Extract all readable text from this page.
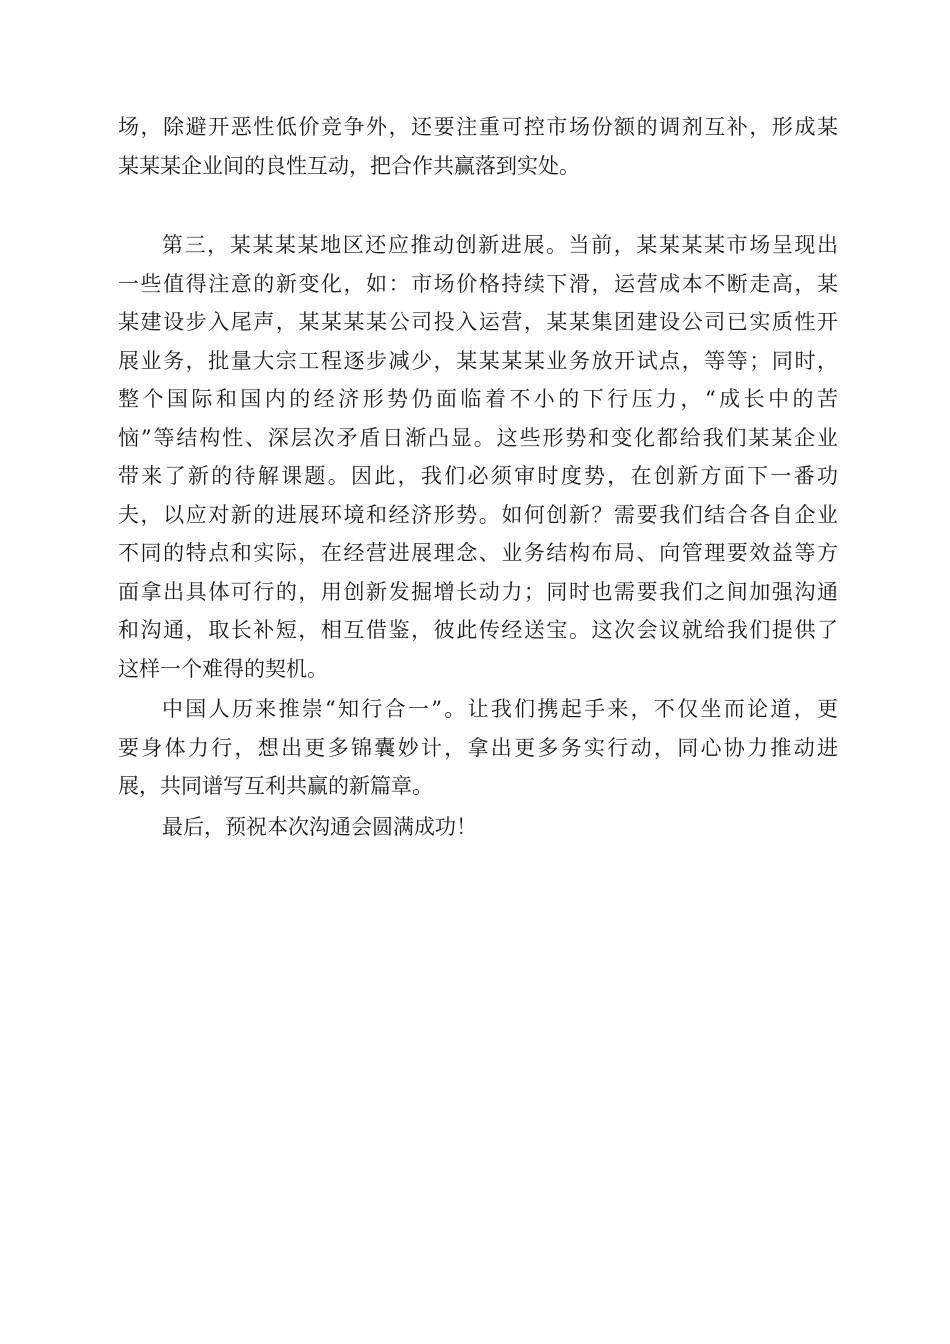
场，除避开恶性低价竞争外，还要注重可控市场份额的调剂互补，形成某
某某某企业间的良性互动，把合作共赢落到实处。
第三，某某某某地区还应推动创新进展。当前，某某某某市场呈现出
一些值得注意的新变化，如：市场价格持续下滑，运营成本不断走高，某
某建设步入尾声，某某某某公司投入运营，某某集团建设公司已实质性开
展业务，批量大宗工程逐步减少，某某某某业务放开试点，等等；同时，
整个国际和国内的经济形势仍面临着不小的下行压力，“成长中的苦
恼”等结构性、深层次矛盾日渐凸显。这些形势和变化都给我们某某企业
带来了新的待解课题。因此，我们必须审时度势，在创新方面下一番功
夫，以应对新的进展环境和经济形势。如何创新？需要我们结合各自企业
不同的特点和实际，在经营进展理念、业务结构布局、向管理要效益等方
面拿出具体可行的，用创新发掘增长动力；同时也需要我们之间加强沟通
和沟通，取长补短，相互借鉴，彼此传经送宝。这次会议就给我们提供了
这样一个难得的契机。
中国人历来推崇“知行合一”。让我们携起手来，不仅坐而论道，更
要身体力行，想出更多锦囊妙计，拿出更多务实行动，同心协力推动进
展，共同谱写互利共赢的新篇章。
最后，预祝本次沟通会圆满成功！
